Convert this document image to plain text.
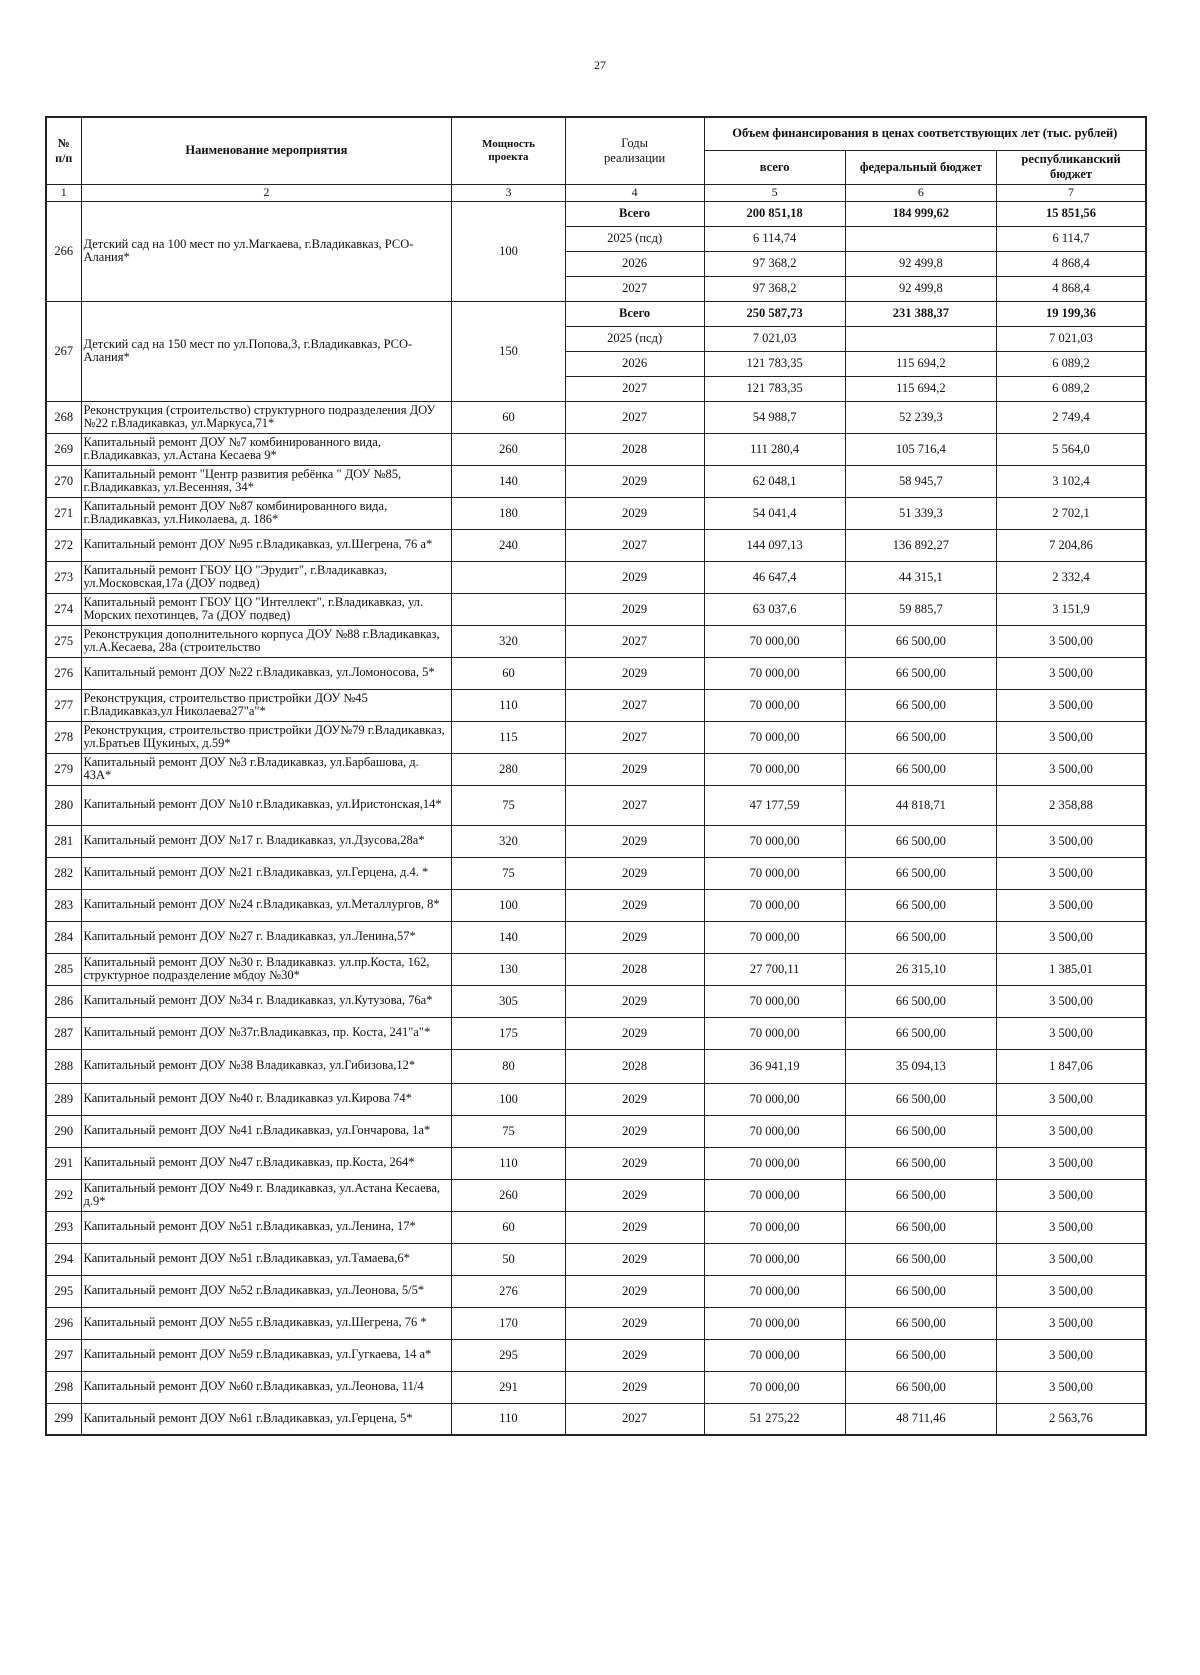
27
№
п/п	Наименование мероприятия	Мощность
проекта	Годы
реализации	Объем финансирования в ценах соответствующих лет (тыс. рублей)		
				всего	федеральный бюджет	республиканский бюджет
1	2	3	4	5	6	7
266	Детский сад на 100 мест по ул.Магкаева, г.Владикавказ, РСО-Алания*	100	Всего	200 851,18	184 999,62	15 851,56
			2025 (псд)	6 114,74		6 114,7
			2026	97 368,2	92 499,8	4 868,4
			2027	97 368,2	92 499,8	4 868,4
267	Детский сад на 150 мест по ул.Попова,3, г.Владикавказ, РСО-Алания*	150	Всего	250 587,73	231 388,37	19 199,36
			2025 (псд)	7 021,03		7 021,03
			2026	121 783,35	115 694,2	6 089,2
			2027	121 783,35	115 694,2	6 089,2
268	Реконструкция (строительство) структурного подразделения ДОУ №22 г.Владикавказ, ул.Маркуса,71*	60	2027	54 988,7	52 239,3	2 749,4
269	Капитальный ремонт ДОУ №7 комбинированного вида, г.Владикавказ, ул.Астана Кесаева 9*	260	2028	111 280,4	105 716,4	5 564,0
270	Капитальный ремонт "Центр развития ребёнка " ДОУ №85, г.Владикавказ, ул.Весенняя, 34*	140	2029	62 048,1	58 945,7	3 102,4
271	Капитальный ремонт ДОУ №87 комбинированного вида, г.Владикавказ, ул.Николаева, д. 186*	180	2029	54 041,4	51 339,3	2 702,1
272	Капитальный ремонт ДОУ №95 г.Владикавказ, ул.Шегрена, 76 а*	240	2027	144 097,13	136 892,27	7 204,86
273	Капитальный ремонт ГБОУ ЦО "Эрудит", г.Владикавказ, ул.Московская,17а (ДОУ подвед)		2029	46 647,4	44 315,1	2 332,4
274	Капитальный ремонт ГБОУ ЦО "Интеллект", г.Владикавказ, ул. Морских пехотинцев, 7а (ДОУ подвед)		2029	63 037,6	59 885,7	3 151,9
275	Реконструкция дополнительного корпуса ДОУ №88 г.Владикавказ, ул.А.Кесаева, 28а (строительство	320	2027	70 000,00	66 500,00	3 500,00
276	Капитальный ремонт ДОУ №22 г.Владикавказ, ул.Ломоносова, 5*	60	2029	70 000,00	66 500,00	3 500,00
277	Реконструкция, строительство пристройки ДОУ №45 г.Владикавказ,ул Николаева27"а"*	110	2027	70 000,00	66 500,00	3 500,00
278	Реконструкция, строительство пристройки ДОУ№79 г.Владикавказ, ул.Братьев Щукиных, д.59*	115	2027	70 000,00	66 500,00	3 500,00
279	Капитальный ремонт ДОУ №3 г.Владикавказ, ул.Барбашова, д. 43А*	280	2029	70 000,00	66 500,00	3 500,00
280	Капитальный ремонт ДОУ №10 г.Владикавказ, ул.Иристонская,14*	75	2027	47 177,59	44 818,71	2 358,88
281	Капитальный ремонт ДОУ №17 г. Владикавказ, ул.Дзусова,28а*	320	2029	70 000,00	66 500,00	3 500,00
282	Капитальный ремонт ДОУ №21 г.Владикавказ, ул.Герцена, д.4. *	75	2029	70 000,00	66 500,00	3 500,00
283	Капитальный ремонт ДОУ №24 г.Владикавказ, ул.Металлургов, 8*	100	2029	70 000,00	66 500,00	3 500,00
284	Капитальный ремонт ДОУ №27 г. Владикавказ, ул.Ленина,57*	140	2029	70 000,00	66 500,00	3 500,00
285	Капитальный ремонт ДОУ №30 г. Владикавказ. ул.пр.Коста, 162, структурное подразделение мбдоу №30*	130	2028	27 700,11	26 315,10	1 385,01
286	Капитальный ремонт ДОУ №34 г. Владикавказ, ул.Кутузова, 76а*	305	2029	70 000,00	66 500,00	3 500,00
287	Капитальный ремонт ДОУ №37г.Владикавказ, пр. Коста, 241"а"*	175	2029	70 000,00	66 500,00	3 500,00
288	Капитальный ремонт ДОУ №38 Владикавказ, ул.Гибизова,12*	80	2028	36 941,19	35 094,13	1 847,06
289	Капитальный ремонт ДОУ №40 г. Владикавказ ул.Кирова 74*	100	2029	70 000,00	66 500,00	3 500,00
290	Капитальный ремонт ДОУ №41 г.Владикавказ, ул.Гончарова, 1а*	75	2029	70 000,00	66 500,00	3 500,00
291	Капитальный ремонт ДОУ №47 г.Владикавказ, пр.Коста, 264*	110	2029	70 000,00	66 500,00	3 500,00
292	Капитальный ремонт ДОУ №49 г. Владикавказ, ул.Астана Кесаева, д.9*	260	2029	70 000,00	66 500,00	3 500,00
293	Капитальный ремонт ДОУ №51 г.Владикавказ, ул.Ленина, 17*	60	2029	70 000,00	66 500,00	3 500,00
294	Капитальный ремонт ДОУ №51 г.Владикавказ, ул.Тамаева,6*	50	2029	70 000,00	66 500,00	3 500,00
295	Капитальный ремонт ДОУ №52 г.Владикавказ, ул.Леонова, 5/5*	276	2029	70 000,00	66 500,00	3 500,00
296	Капитальный ремонт ДОУ №55 г.Владикавказ, ул.Шегрена, 76 *	170	2029	70 000,00	66 500,00	3 500,00
297	Капитальный ремонт ДОУ №59 г.Владикавказ, ул.Гугкаева, 14 а*	295	2029	70 000,00	66 500,00	3 500,00
298	Капитальный ремонт ДОУ №60 г.Владикавказ, ул.Леонова, 11/4	291	2029	70 000,00	66 500,00	3 500,00
299	Капитальный ремонт ДОУ №61 г.Владикавказ, ул.Герцена, 5*	110	2027	51 275,22	48 711,46	2 563,76
